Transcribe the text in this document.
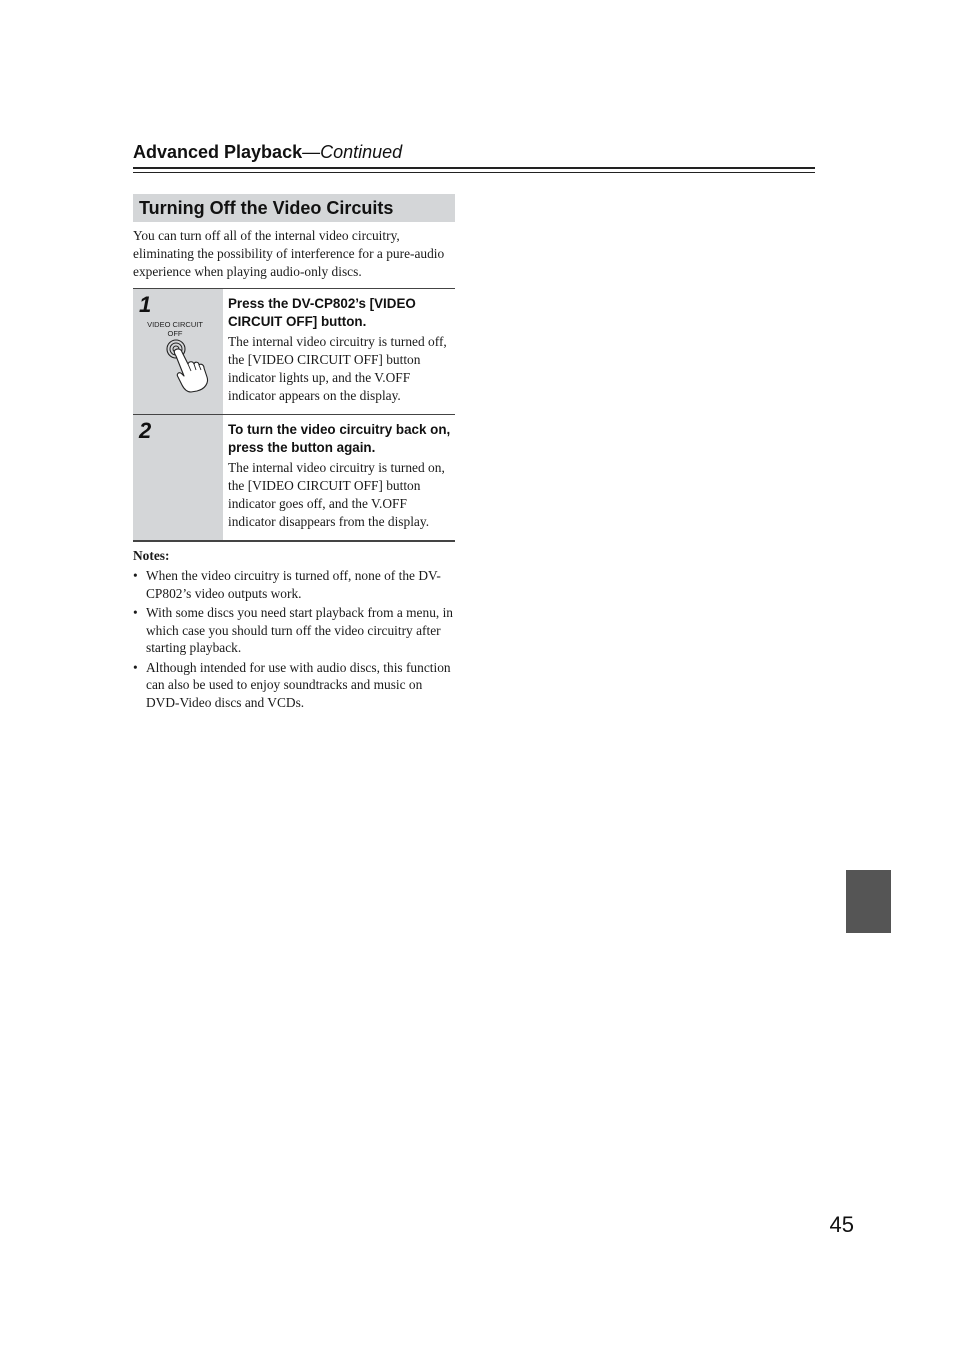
Advanced Playback—Continued
Turning Off the Video Circuits

You can turn off all of the internal video circuitry, eliminating the possibility of interference for a pure-audio experience when playing audio-only discs.

1
VIDEO CIRCUIT
OFF

Press the DV-CP802’s [VIDEO CIRCUIT OFF] button.

The internal video circuitry is turned off, the [VIDEO CIRCUIT OFF] button indicator lights up, and the V.OFF indicator appears on the display.

2	To turn the video circuitry back on, press the button again.

The internal video circuitry is turned on, the [VIDEO CIRCUIT OFF] button indicator goes off, and the V.OFF indicator disappears from the display.

Notes:

• When the video circuitry is turned off, none of the DV-CP802’s video outputs work.
• With some discs you need start playback from a menu, in which case you should turn off the video circuitry after starting playback.
• Although intended for use with audio discs, this function can also be used to enjoy soundtracks and music on DVD-Video discs and VCDs.
45
